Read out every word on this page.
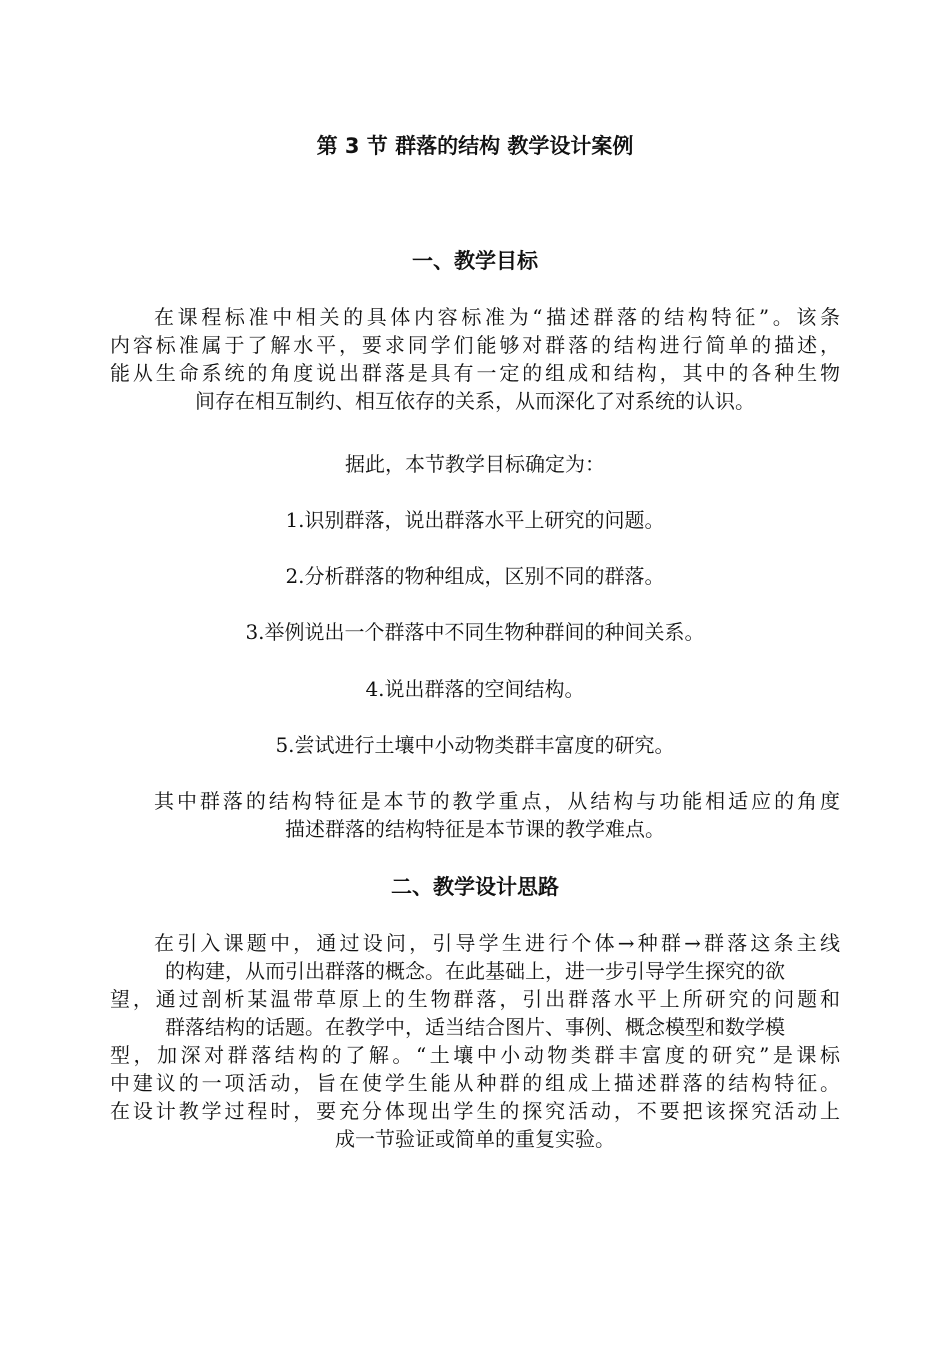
第 3 节 群落的结构 教学设计案例
一、教学目标
在课程标准中相关的具体内容标准为“描述群落的结构特征”。该条
内容标准属于了解水平，要求同学们能够对群落的结构进行简单的描述，
能从生命系统的角度说出群落是具有一定的组成和结构，其中的各种生物
间存在相互制约、相互依存的关系，从而深化了对系统的认识。

据此，本节教学目标确定为：

1.识别群落，说出群落水平上研究的问题。

2.分析群落的物种组成，区别不同的群落。

3.举例说出一个群落中不同生物种群间的种间关系。

4.说出群落的空间结构。

5.尝试进行土壤中小动物类群丰富度的研究。

其中群落的结构特征是本节的教学重点，从结构与功能相适应的角度
描述群落的结构特征是本节课的教学难点。
二、教学设计思路
在引入课题中，通过设问，引导学生进行个体→种群→群落这条主线
的构建，从而引出群落的概念。在此基础上，进一步引导学生探究的欲
望，通过剖析某温带草原上的生物群落，引出群落水平上所研究的问题和
群落结构的话题。在教学中，适当结合图片、事例、概念模型和数学模
型，加深对群落结构的了解。“土壤中小动物类群丰富度的研究”是课标
中建议的一项活动，旨在使学生能从种群的组成上描述群落的结构特征。
在设计教学过程时，要充分体现出学生的探究活动，不要把该探究活动上
成一节验证或简单的重复实验。
